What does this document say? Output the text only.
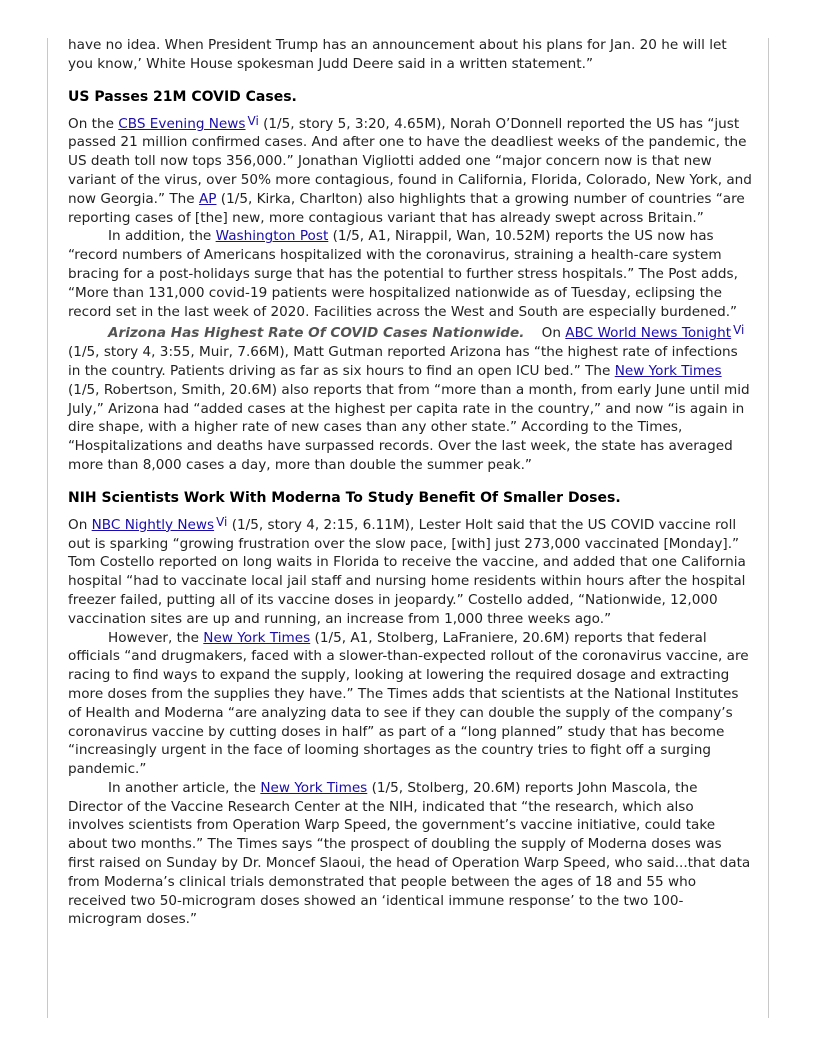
have no idea. When President Trump has an announcement about his plans for Jan. 20 he will let you know,’ White House spokesman Judd Deere said in a written statement.”

US Passes 21M COVID Cases.

On the CBS Evening News Vi (1/5, story 5, 3:20, 4.65M), Norah O’Donnell reported the US has “just passed 21 million confirmed cases. And after one to have the deadliest weeks of the pandemic, the US death toll now tops 356,000.” Jonathan Vigliotti added one “major concern now is that new variant of the virus, over 50% more contagious, found in California, Florida, Colorado, New York, and now Georgia.” The AP (1/5, Kirka, Charlton) also highlights that a growing number of countries “are reporting cases of [the] new, more contagious variant that has already swept across Britain.”

In addition, the Washington Post (1/5, A1, Nirappil, Wan, 10.52M) reports the US now has “record numbers of Americans hospitalized with the coronavirus, straining a health-care system bracing for a post-holidays surge that has the potential to further stress hospitals.” The Post adds, “More than 131,000 covid-19 patients were hospitalized nationwide as of Tuesday, eclipsing the record set in the last week of 2020. Facilities across the West and South are especially burdened.”

Arizona Has Highest Rate Of COVID Cases Nationwide. On ABC World News Tonight Vi (1/5, story 4, 3:55, Muir, 7.66M), Matt Gutman reported Arizona has “the highest rate of infections in the country. Patients driving as far as six hours to find an open ICU bed.” The New York Times (1/5, Robertson, Smith, 20.6M) also reports that from “more than a month, from early June until mid July,” Arizona had “added cases at the highest per capita rate in the country,” and now “is again in dire shape, with a higher rate of new cases than any other state.” According to the Times, “Hospitalizations and deaths have surpassed records. Over the last week, the state has averaged more than 8,000 cases a day, more than double the summer peak.”

NIH Scientists Work With Moderna To Study Benefit Of Smaller Doses.

On NBC Nightly News Vi (1/5, story 4, 2:15, 6.11M), Lester Holt said that the US COVID vaccine roll out is sparking “growing frustration over the slow pace, [with] just 273,000 vaccinated [Monday].” Tom Costello reported on long waits in Florida to receive the vaccine, and added that one California hospital “had to vaccinate local jail staff and nursing home residents within hours after the hospital freezer failed, putting all of its vaccine doses in jeopardy.” Costello added, “Nationwide, 12,000 vaccination sites are up and running, an increase from 1,000 three weeks ago.”

However, the New York Times (1/5, A1, Stolberg, LaFraniere, 20.6M) reports that federal officials “and drugmakers, faced with a slower-than-expected rollout of the coronavirus vaccine, are racing to find ways to expand the supply, looking at lowering the required dosage and extracting more doses from the supplies they have.” The Times adds that scientists at the National Institutes of Health and Moderna “are analyzing data to see if they can double the supply of the company’s coronavirus vaccine by cutting doses in half” as part of a “long planned” study that has become “increasingly urgent in the face of looming shortages as the country tries to fight off a surging pandemic.”

In another article, the New York Times (1/5, Stolberg, 20.6M) reports John Mascola, the Director of the Vaccine Research Center at the NIH, indicated that “the research, which also involves scientists from Operation Warp Speed, the government’s vaccine initiative, could take about two months.” The Times says “the prospect of doubling the supply of Moderna doses was first raised on Sunday by Dr. Moncef Slaoui, the head of Operation Warp Speed, who said...that data from Moderna’s clinical trials demonstrated that people between the ages of 18 and 55 who received two 50-microgram doses showed an ‘identical immune response’ to the two 100-microgram doses.”
